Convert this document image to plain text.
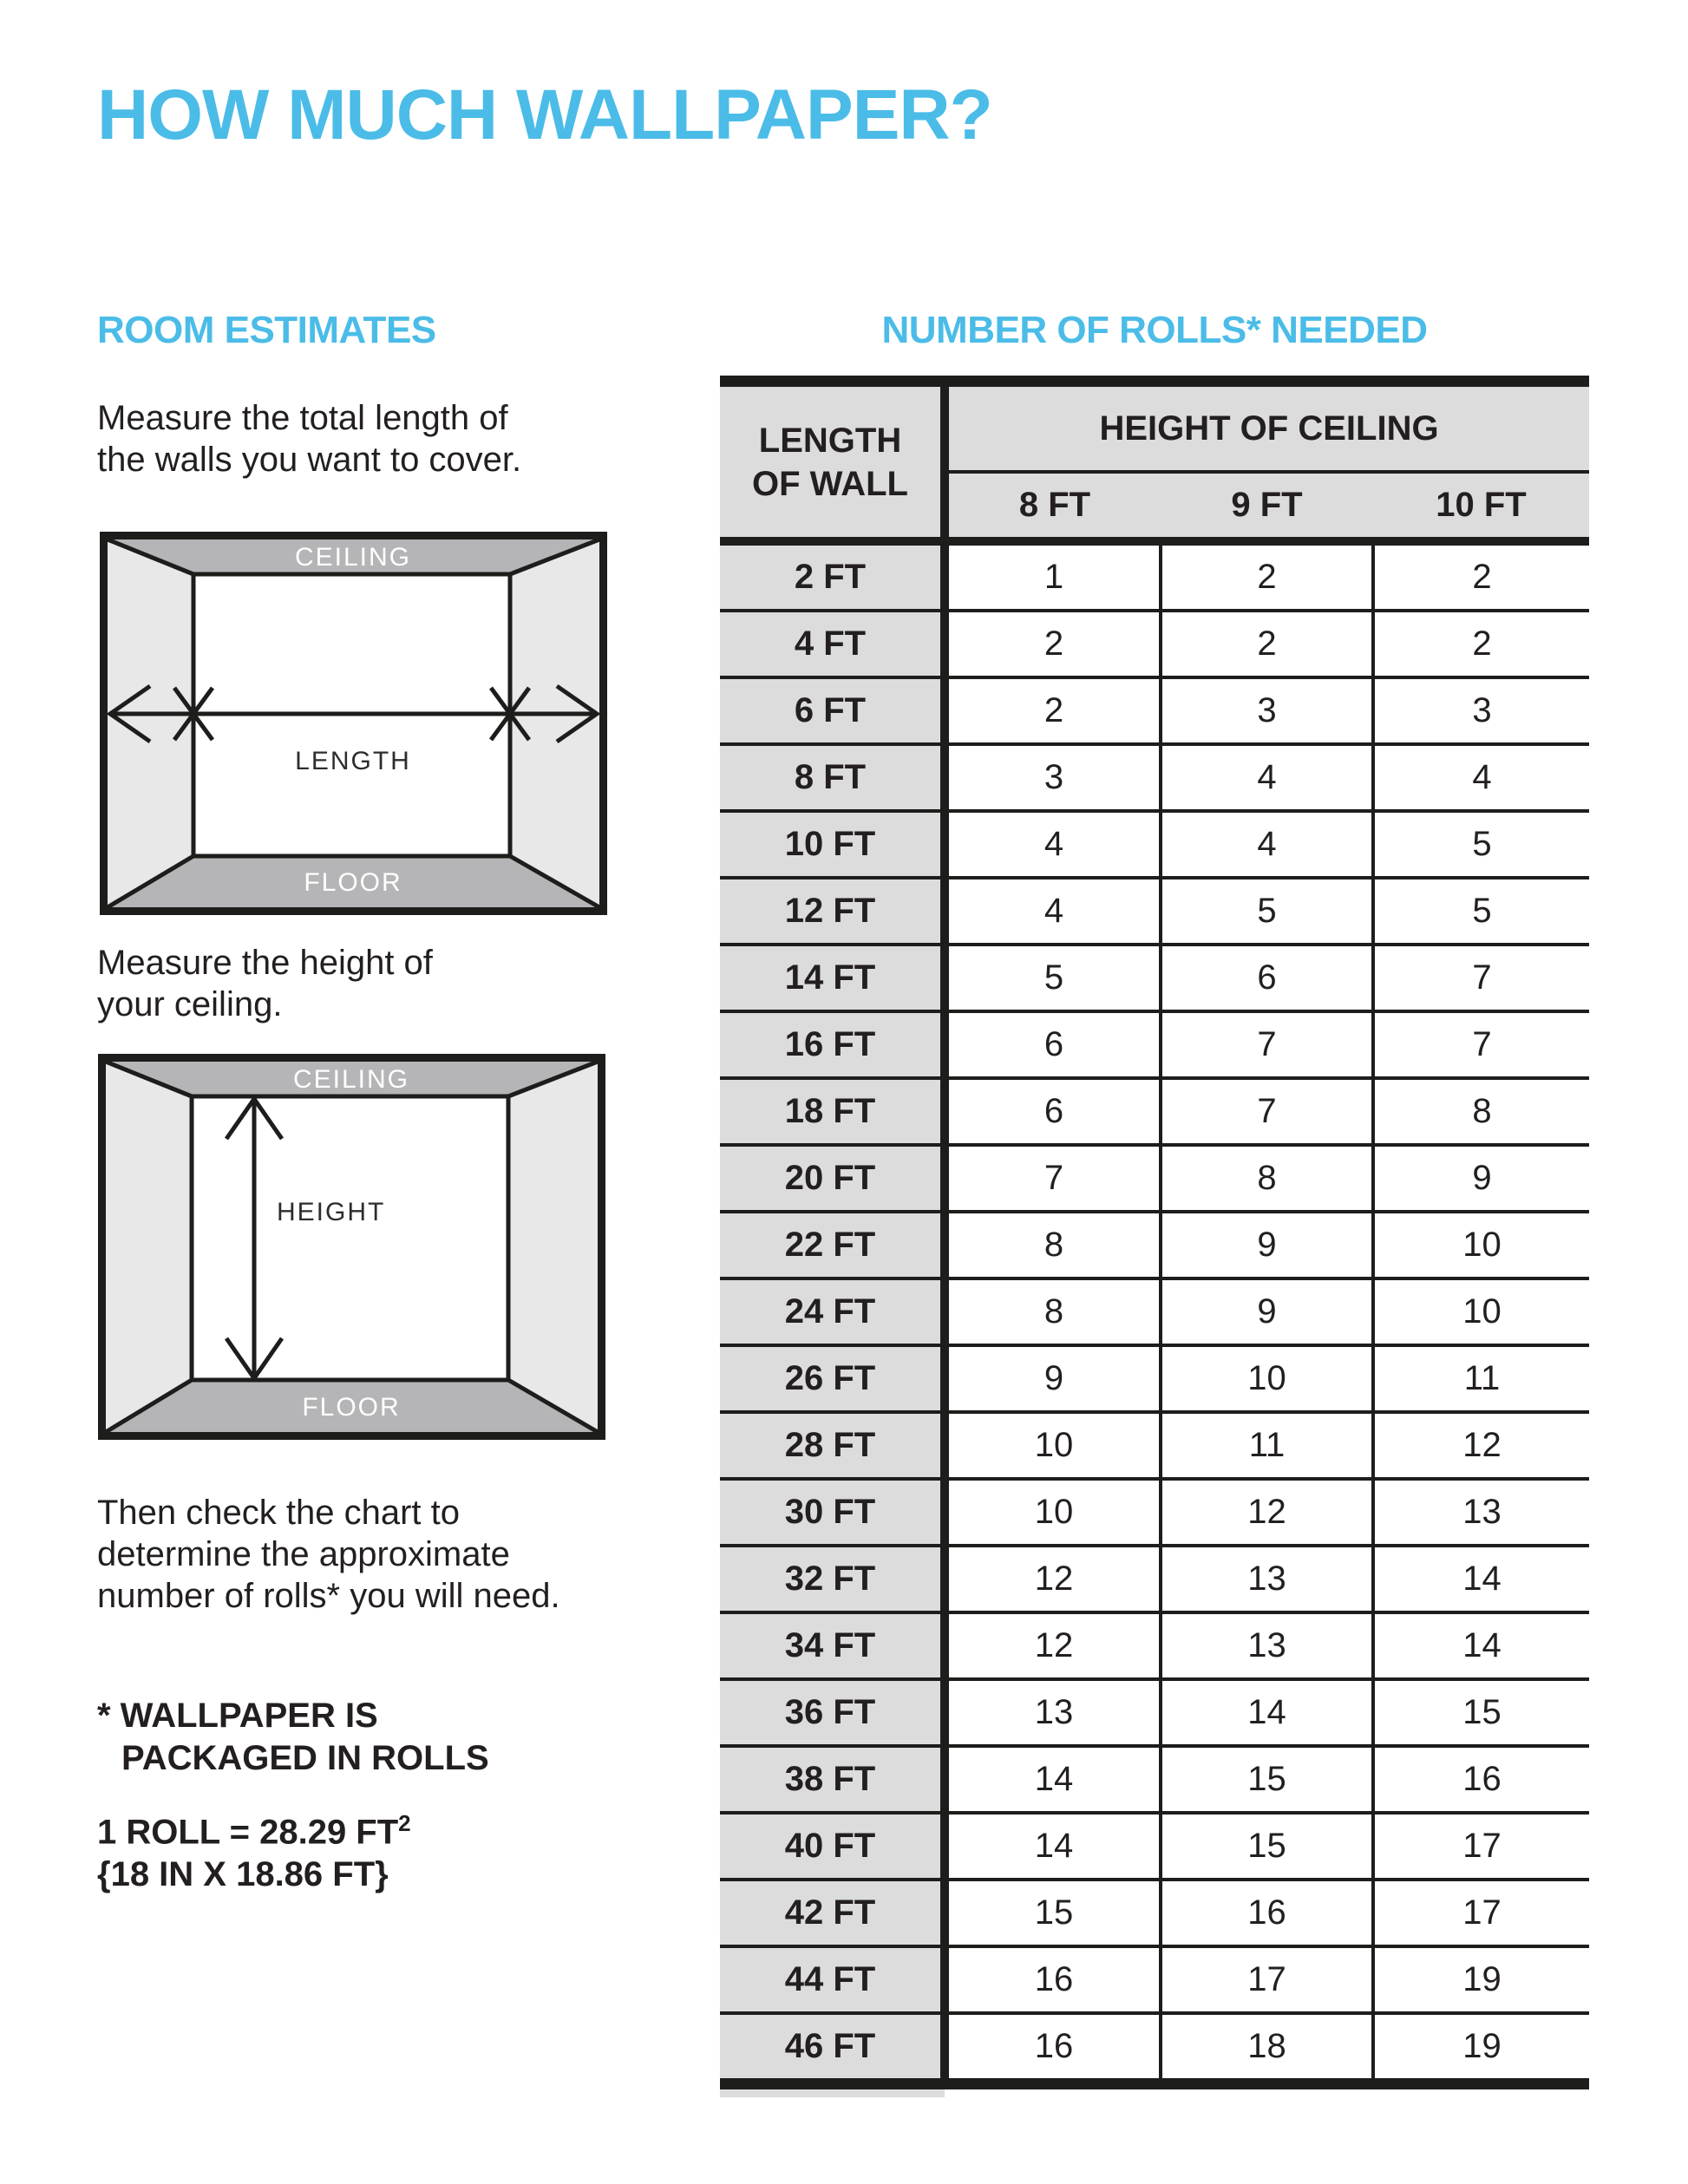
HOW MUCH WALLPAPER?
ROOM ESTIMATES
Measure the total length of
the walls you want to cover.
CEILING
FLOOR
LENGTH
Measure the height of
your ceiling.
CEILING
FLOOR
HEIGHT
Then check the chart to
determine the approximate
number of rolls* you will need.
* WALLPAPER IS
PACKAGED IN ROLLS
1 ROLL = 28.29 $FT^2$
{18 IN X 18.86 FT}
NUMBER OF ROLLS* NEEDED
LENGTH
OF WALL	HEIGHT OF CEILING		
	8 FT	9 FT	10 FT
2 FT	1	2	2
4 FT	2	2	2
6 FT	2	3	3
8 FT	3	4	4
10 FT	4	4	5
12 FT	4	5	5
14 FT	5	6	7
16 FT	6	7	7
18 FT	6	7	8
20 FT	7	8	9
22 FT	8	9	10
24 FT	8	9	10
26 FT	9	10	11
28 FT	10	11	12
30 FT	10	12	13
32 FT	12	13	14
34 FT	12	13	14
36 FT	13	14	15
38 FT	14	15	16
40 FT	14	15	17
42 FT	15	16	17
44 FT	16	17	19
46 FT	16	18	19
